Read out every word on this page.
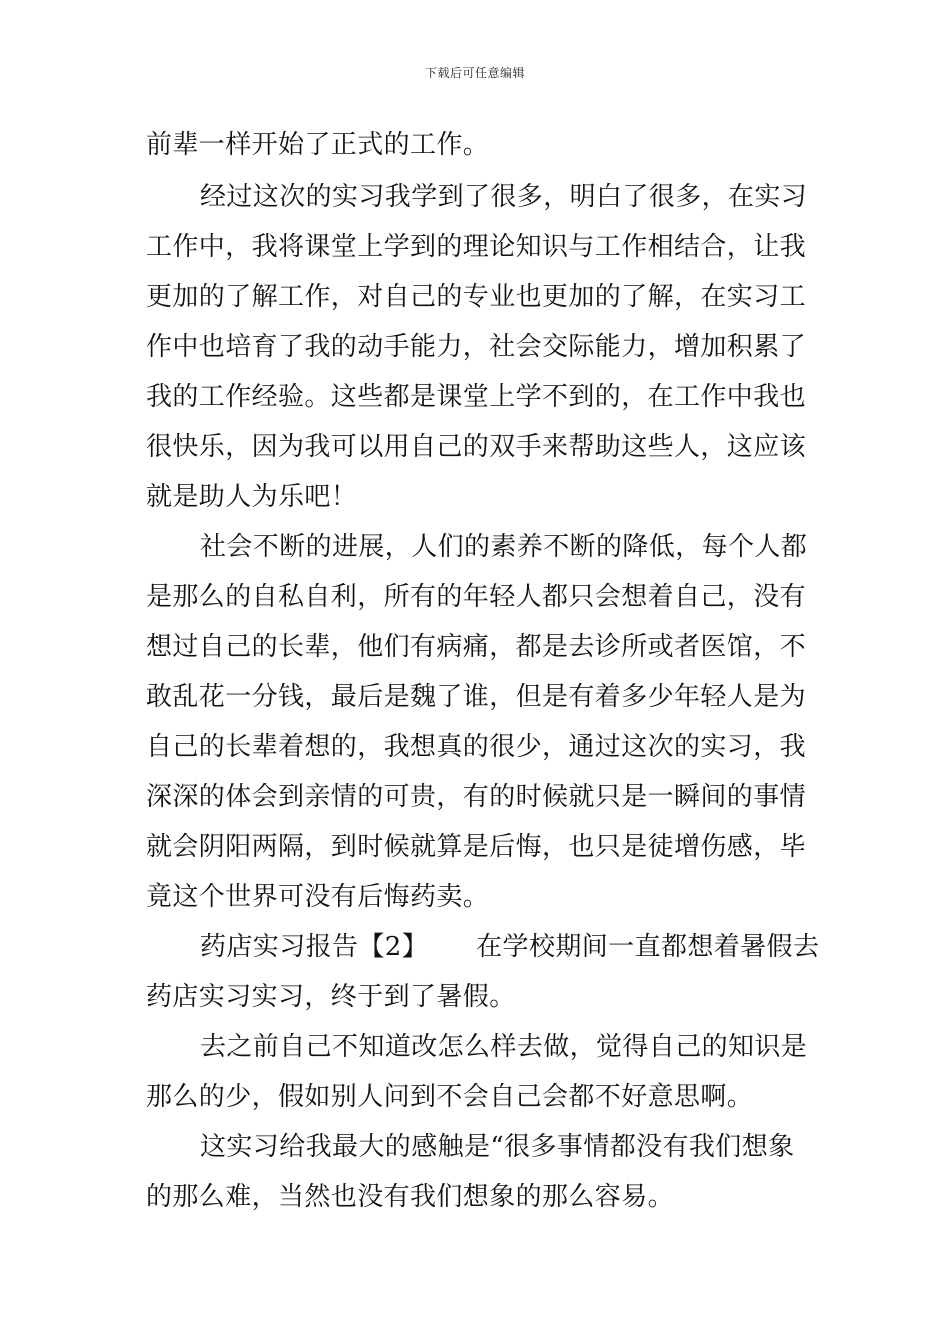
下载后可任意编辑
前辈一样开始了正式的工作。
经过这次的实习我学到了很多，明白了很多，在实习
工作中，我将课堂上学到的理论知识与工作相结合，让我
更加的了解工作，对自己的专业也更加的了解，在实习工
作中也培育了我的动手能力，社会交际能力，增加积累了
我的工作经验。这些都是课堂上学不到的，在工作中我也
很快乐，因为我可以用自己的双手来帮助这些人，这应该
就是助人为乐吧！
社会不断的进展，人们的素养不断的降低，每个人都
是那么的自私自利，所有的年轻人都只会想着自己，没有
想过自己的长辈，他们有病痛，都是去诊所或者医馆，不
敢乱花一分钱，最后是魏了谁，但是有着多少年轻人是为
自己的长辈着想的，我想真的很少，通过这次的实习，我
深深的体会到亲情的可贵，有的时候就只是一瞬间的事情
就会阴阳两隔，到时候就算是后悔，也只是徒增伤感，毕
竟这个世界可没有后悔药卖。
药店实习报告【2】 在学校期间一直都想着暑假去
药店实习实习，终于到了暑假。
去之前自己不知道改怎么样去做，觉得自己的知识是
那么的少，假如别人问到不会自己会都不好意思啊。
这实习给我最大的感触是“很多事情都没有我们想象
的那么难，当然也没有我们想象的那么容易。
